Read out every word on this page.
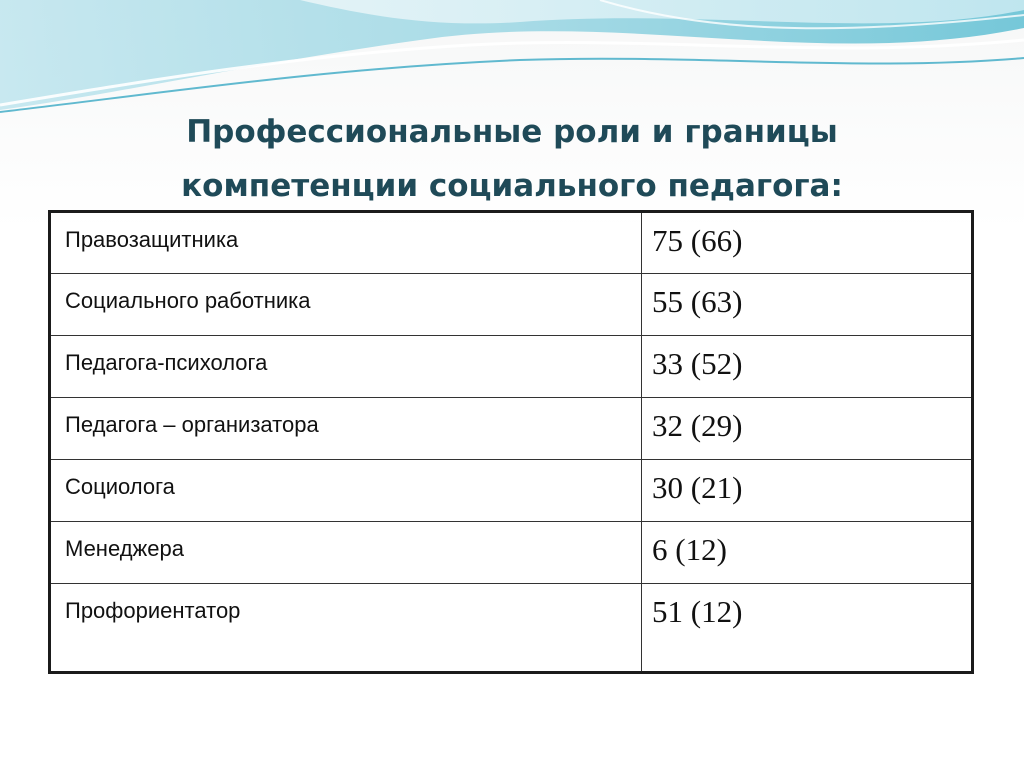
Профессиональные роли и границы
компетенции социального педагога:
Правозащитника	75 (66)
Социального работника	55 (63)
Педагога-психолога	33 (52)
Педагога – организатора	32 (29)
Социолога	30 (21)
Менеджера	6 (12)
Профориентатор	51 (12)
